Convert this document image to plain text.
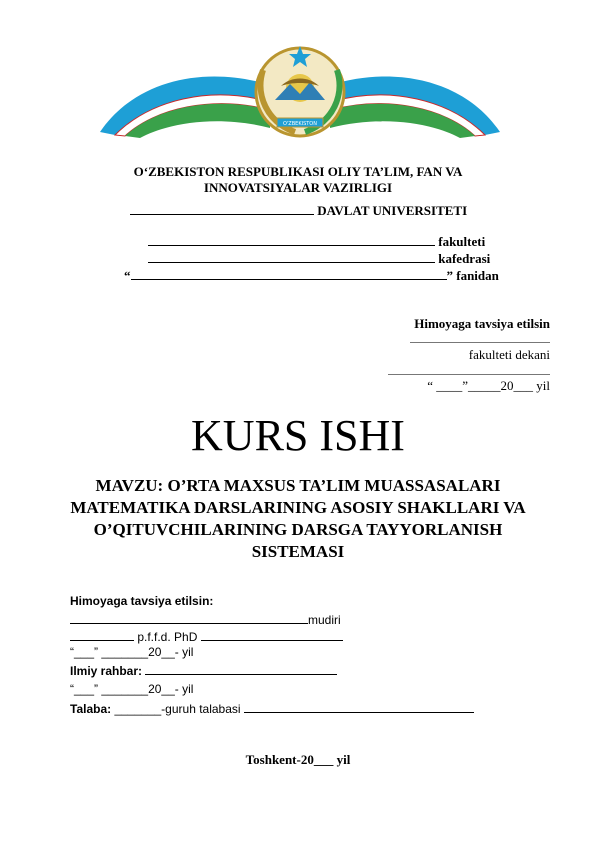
O'ZBEKISTON
O‘ZBEKISTON RESPUBLIKASI OLIY TA’LIM, FAN VA
INNOVATSIYALAR VAZIRLIGI
DAVLAT UNIVERSITETI
fakulteti
kafedrasi
“	” fanidan
Himoyaga tavsiya etilsin
fakulteti dekani
“ ____”_____20___ yil
KURS ISHI
MAVZU: O’RTA MAXSUS TA’LIM MUASSASALARI
MATEMATIKA DARSLARINING ASOSIY SHAKLLARI VA
O’QITUVCHILARINING DARSGA TAYYORLANISH
SISTEMASI
Himoyaga tavsiya etilsin:
mudiri
p.f.f.d. PhD
“___” _______20__- yil
Ilmiy rahbar:
“___” _______20__- yil
Talaba: _______-guruh talabasi
Toshkent-20___ yil
